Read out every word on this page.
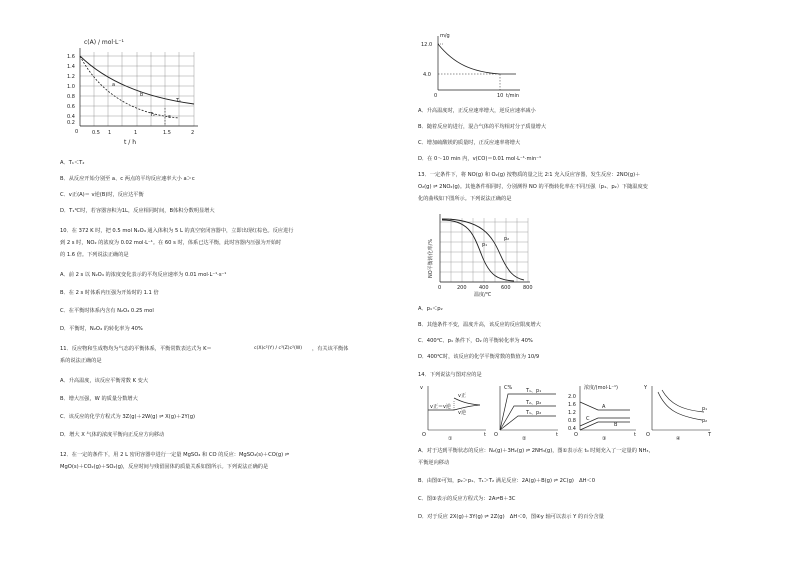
c(A) / mol·L⁻¹
1.6
1.4
1.2
1.0
0.8
0.6
0.4
0.2
0	1
0.5	1	1.5	2
a
b
c
T₁
T₂
t / h
A．T₁＜T₂
B．从反应开始分别至 a、c 两点的平均反应速率大小 a＞c
C．v正(A)＝ v逆(B)时，反应达平衡
D．T₁℃时，若容器容积为1L，反应相同时间，B体积分数明显增大
10．在 372 K 时，把 0.5 mol N₂O₄ 通入体积为 5 L 的真空密闭容器中，立即出现红棕色。反应进行
到 2 s 时，NO₂ 的浓度为 0.02 mol·L⁻¹。在 60 s 时，体系已达平衡，此时容器内压强为开始时
的 1.6 倍。下列说法正确的是
A．前 2 s 以 N₂O₄ 的浓度变化表示的平均反应速率为 0.01 mol·L⁻¹·s⁻¹
B．在 2 s 时体系内压强为开始时的 1.1 倍
C．在平衡时体系内含有 N₂O₄ 0.25 mol
D．平衡时，N₂O₄ 的转化率为 40%
11．反应物和生成物均为气态的平衡体系，平衡常数表达式为 K＝	c(X)c²(Y) / c³(Z)c²(W) ，有关该平衡体
系的说法正确的是
A．升高温度，该反应平衡常数 K 变大
B．增大压强，W 的质量分数增大
C．该反应的化学方程式为 3Z(g)＋2W(g) ⇌ X(g)＋2Y(g)
D．增大 X 气体的浓度平衡向正反应方向移动
12．在一定的条件下，用 2 L 密闭容器中进行一定量 MgSO₄ 和 CO 的反应：MgSO₄(s)＋CO(g) ⇌
MgO(s)＋CO₂(g)＋SO₂(g)，反应时间与残留固体的质量关系如图所示。下列说法正确的是
m/g
12.0
4.0
0	10 t/min
A．升高温度时，正反应速率增大，逆反应速率减小
B．随着反应的进行，混合气体的平均相对分子质量增大
C．增加硫酸镁的质量时，正反应速率将增大
D．在 0～10 min 内，v(CO)＝0.01 mol·L⁻¹·min⁻¹
13．一定条件下，将 NO(g) 和 O₂(g) 按物质的量之比 2∶1 充入反应容器，发生反应：2NO(g)＋
O₂(g) ⇌ 2NO₂(g)。其他条件相同时，分别测得 NO 的平衡转化率在不同压强（p₁、p₂）下随温度变
化的曲线如下图所示。下列说法正确的是
p₁
p₂
0	200 400 600 800
温度/℃
NO平衡转化率/%
A．p₁＜p₂
B．其他条件不变，温度升高，该反应的反应限度增大
C．400℃、p₁ 条件下，O₂ 的平衡转化率为 40%
D．400℃时，该反应的化学平衡常数的数值为 10/9
14．下列说法与图对应的是
v
v正
v逆
v正＝v逆
t
O
①
C%	T₁、p₁
T₂、p₂
T₁、p₂
t
O
②
浓度/(mol·L⁻¹)
2.0
1.6
1.2
0.8
0.4
A
C
B
t
O
③
Y
p₁
p₂
T
O
④
A．对于达到平衡状态的反应：N₂(g)＋3H₂(g) ⇌ 2NH₃(g)，图①表示在 t₀ 时刻充入了一定量的 NH₃，
平衡逆向移动
B．由图②可知，p₂＞p₁、T₁＞T₂ 满足反应：2A(g)＋B(g) ⇌ 2C(g)　ΔH＜0
C．图③表示的反应方程式为：2A⇌B＋3C
D．对于反应 2X(g)＋3Y(g) ⇌ 2Z(g)　ΔH＜0，图④y 轴可以表示 Y 的百分含量
